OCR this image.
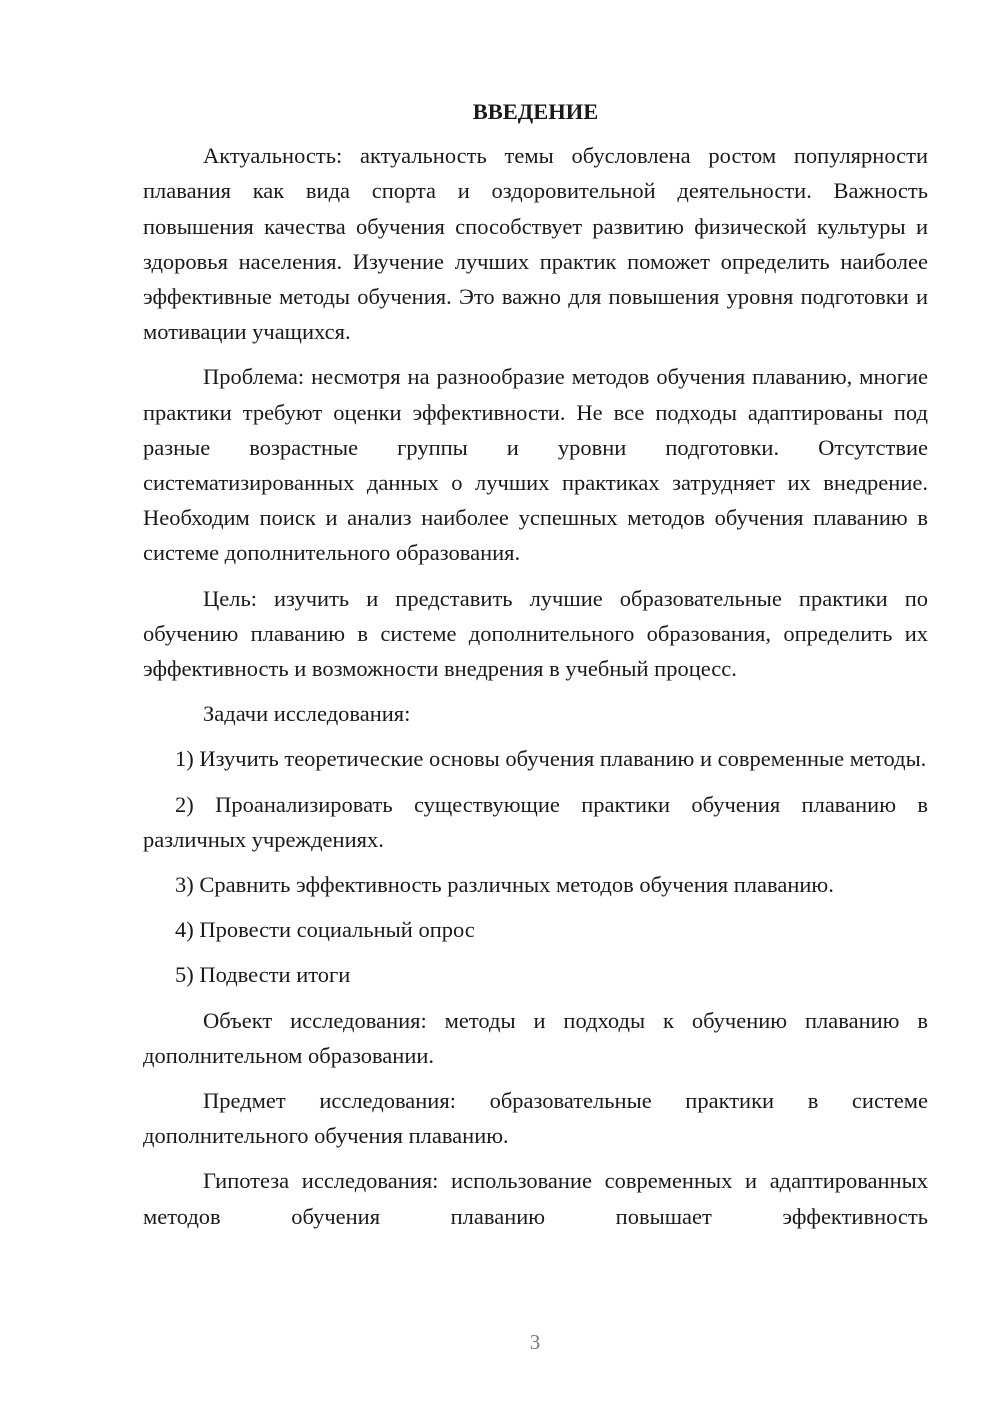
ВВЕДЕНИЕ

Актуальность: актуальность темы обусловлена ростом популярности плавания как вида спорта и оздоровительной деятельности. Важность повышения качества обучения способствует развитию физической культуры и здоровья населения. Изучение лучших практик поможет определить наиболее эффективные методы обучения. Это важно для повышения уровня подготовки и мотивации учащихся.

Проблема: несмотря на разнообразие методов обучения плаванию, многие практики требуют оценки эффективности. Не все подходы адаптированы под разные возрастные группы и уровни подготовки. Отсутствие систематизированных данных о лучших практиках затрудняет их внедрение. Необходим поиск и анализ наиболее успешных методов обучения плаванию в системе дополнительного образования.

Цель: изучить и представить лучшие образовательные практики по обучению плаванию в системе дополнительного образования, определить их эффективность и возможности внедрения в учебный процесс.

Задачи исследования:

1) Изучить теоретические основы обучения плаванию и современные методы.

2) Проанализировать существующие практики обучения плаванию в различных учреждениях.

3) Сравнить эффективность различных методов обучения плаванию.

4) Провести социальный опрос

5) Подвести итоги

Объект исследования: методы и подходы к обучению плаванию в дополнительном образовании.

Предмет исследования: образовательные практики в системе дополнительного обучения плаванию.

Гипотеза исследования: использование современных и адаптированных методов обучения плаванию повышает эффективность

3
